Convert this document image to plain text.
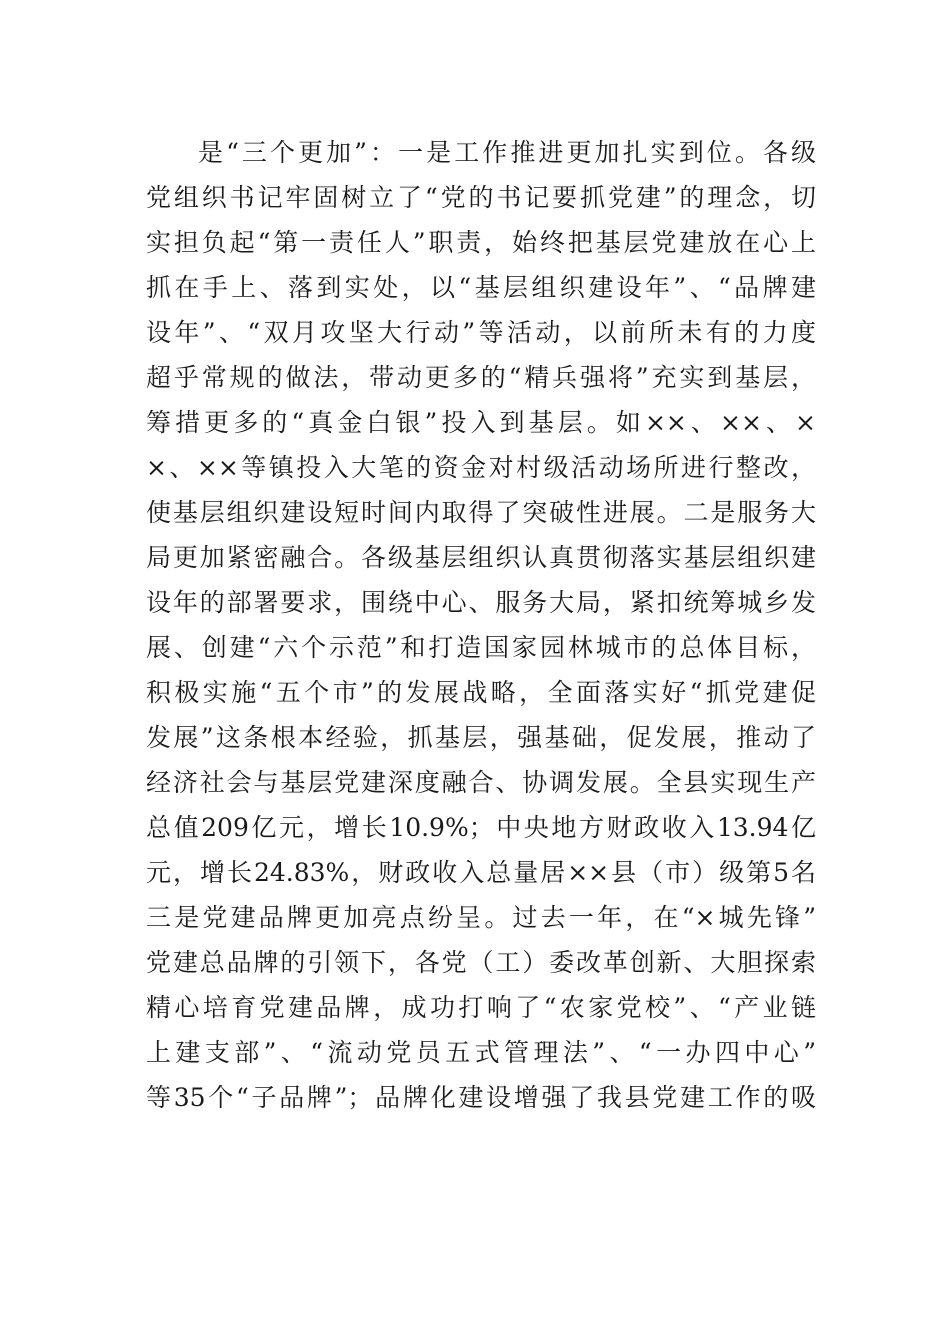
是“三个更加”：一是工作推进更加扎实到位。各级
党组织书记牢固树立了“党的书记要抓党建”的理念，切
实担负起“第一责任人”职责，始终把基层党建放在心上
抓在手上、落到实处，以“基层组织建设年”、“品牌建
设年”、“双月攻坚大行动”等活动，以前所未有的力度
超乎常规的做法，带动更多的“精兵强将”充实到基层，
筹措更多的“真金白银”投入到基层。如××、××、×
×、××等镇投入大笔的资金对村级活动场所进行整改，
使基层组织建设短时间内取得了突破性进展。二是服务大
局更加紧密融合。各级基层组织认真贯彻落实基层组织建
设年的部署要求，围绕中心、服务大局，紧扣统筹城乡发
展、创建“六个示范”和打造国家园林城市的总体目标，
积极实施“五个市”的发展战略，全面落实好“抓党建促
发展”这条根本经验，抓基层，强基础，促发展，推动了
经济社会与基层党建深度融合、协调发展。全县实现生产
总值209亿元，增长10.9%；中央地方财政收入13.94亿
元，增长24.83%，财政收入总量居××县（市）级第5名
三是党建品牌更加亮点纷呈。过去一年，在“×城先锋”
党建总品牌的引领下，各党（工）委改革创新、大胆探索
精心培育党建品牌，成功打响了“农家党校”、“产业链
上建支部”、“流动党员五式管理法”、“一办四中心”
等35个“子品牌”；品牌化建设增强了我县党建工作的吸
